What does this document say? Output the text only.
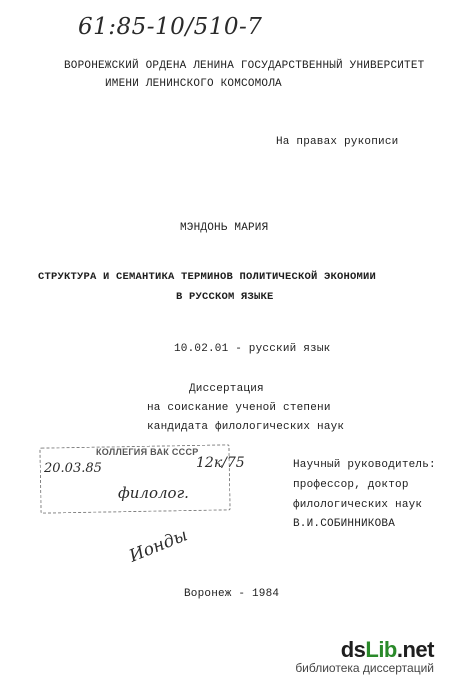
61:85-10/510-7
ВОРОНЕЖСКИЙ ОРДЕНА ЛЕНИНА ГОСУДАРСТВЕННЫЙ УНИВЕРСИТЕТ
ИМЕНИ ЛЕНИНСКОГО КОМСОМОЛА
На правах рукописи
МЭНДОНЬ МАРИЯ
СТРУКТУРА И СЕМАНТИКА ТЕРМИНОВ ПОЛИТИЧЕСКОЙ ЭКОНОМИИ
В РУССКОМ ЯЗЫКЕ
10.02.01 - русский язык
Диссертация
на соискание ученой степени
кандидата филологических наук
Научный руководитель:
профессор, доктор
филологических наук
В.И.СОБИННИКОВА
КОЛЛЕГИЯ ВАК СССР
20.03.85	12к/75
филолог.
Ионды
Воронеж - 1984
dsLib.net
библиотека диссертаций
